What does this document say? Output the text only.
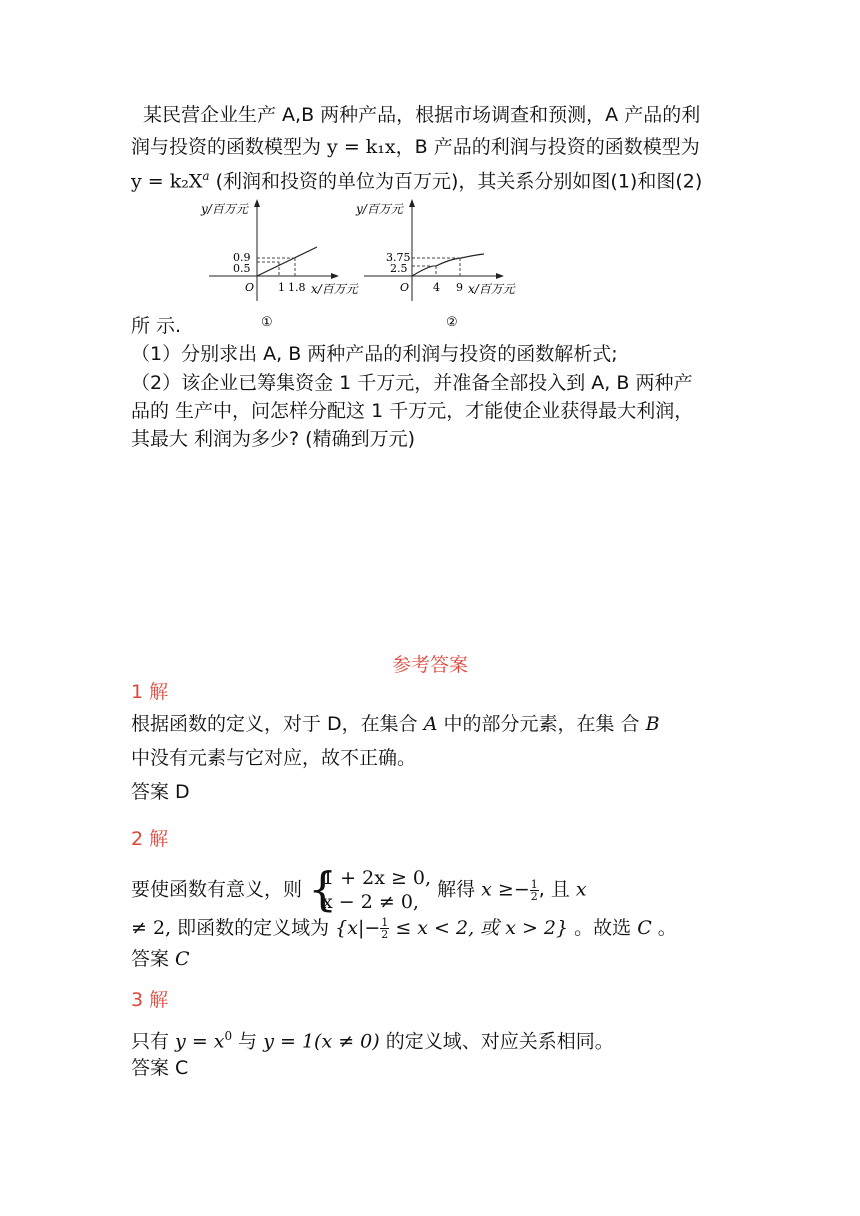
某民营企业生产 A,B 两种产品，根据市场调查和预测，A 产品的利
润与投资的函数模型为 y = k₁x，B 产品的利润与投资的函数模型为
$y = k_2X^a$ (利润和投资的单位为百万元)，其关系分别如图(1)和图(2)
y/百万元
0.9
0.5
O 1 1.8 x/百万元
①
y/百万元
3.75
2.5
O 4 9 x/百万元
②
所 示.
（1）分别求出 A, B 两种产品的利润与投资的函数解析式;
（2）该企业已筹集资金 1 千万元，并准备全部投入到 A, B 两种产
品的 生产中，问怎样分配这 1 千万元，才能使企业获得最大利润，
其最大 利润为多少? (精确到万元)
参考答案
1 解
根据函数的定义，对于 D，在集合 A 中的部分元素，在集 合 B
中没有元素与它对应，故不正确。
答案 D
2 解
要使函数有意义，则 {
1 + 2x ≥ 0,
x − 2 ≠ 0,
解得 $x \ge- \frac{1}{2}$ , 且 x
≠ 2, 即函数的定义域为 {$x|- \frac{1}{2} \le x < 2$, 或 x > 2} 。故选 C 。
答案 C
3 解
只有 $y = x^0$ 与 y = 1(x ≠ 0) 的定义域、对应关系相同。
答案 C
